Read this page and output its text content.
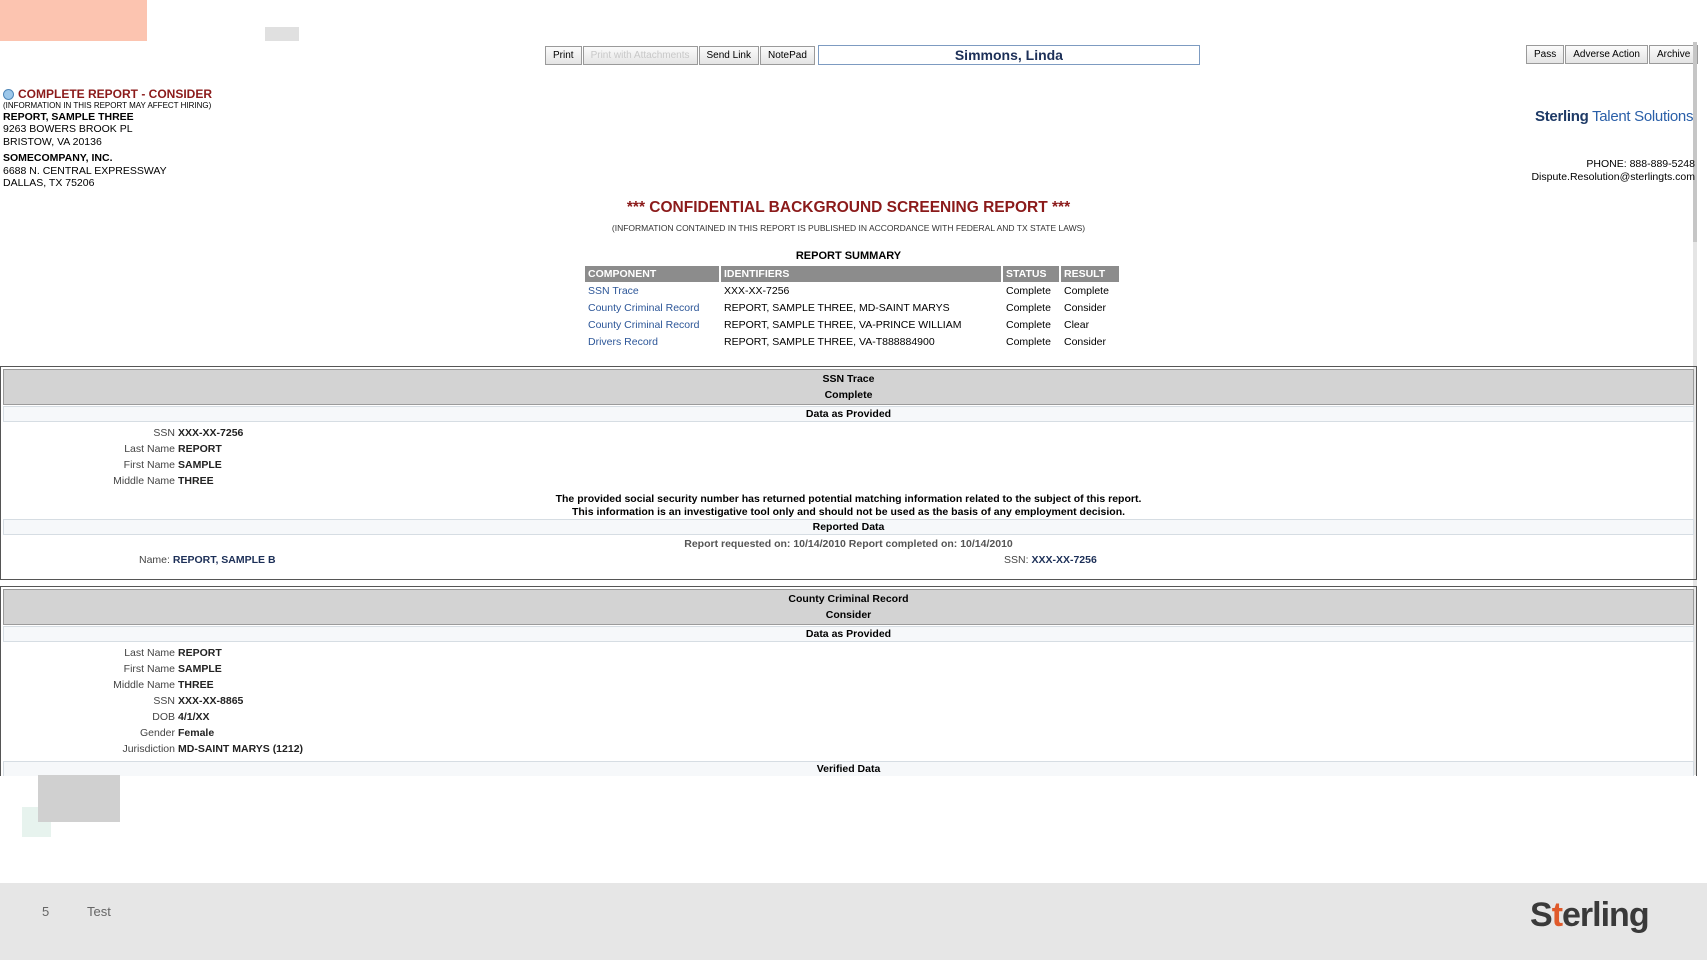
Print	Print with Attachments	Send Link	NotePad	Simmons, Linda	Pass	Adverse Action	Archive
COMPLETE REPORT - CONSIDER
(INFORMATION IN THIS REPORT MAY AFFECT HIRING)
REPORT, SAMPLE THREE
9263 BOWERS BROOK PL
BRISTOW, VA 20136
SOMECOMPANY, INC.
6688 N. CENTRAL EXPRESSWAY
DALLAS, TX 75206
Sterling Talent Solutions
PHONE: 888-889-5248
Dispute.Resolution@sterlingts.com
*** CONFIDENTIAL BACKGROUND SCREENING REPORT ***
(INFORMATION CONTAINED IN THIS REPORT IS PUBLISHED IN ACCORDANCE WITH FEDERAL AND TX STATE LAWS)
REPORT SUMMARY
COMPONENT	IDENTIFIERS	STATUS	RESULT
SSN Trace	XXX-XX-7256	Complete	Complete
County Criminal Record	REPORT, SAMPLE THREE, MD-SAINT MARYS	Complete	Consider
County Criminal Record	REPORT, SAMPLE THREE, VA-PRINCE WILLIAM	Complete	Clear
Drivers Record	REPORT, SAMPLE THREE, VA-T888884900	Complete	Consider
SSN Trace
Complete
Data as Provided
SSN XXX-XX-7256
Last Name REPORT
First Name SAMPLE
Middle Name THREE
The provided social security number has returned potential matching information related to the subject of this report.
This information is an investigative tool only and should not be used as the basis of any employment decision.
Reported Data
Report requested on: 10/14/2010 Report completed on: 10/14/2010
Name: REPORT, SAMPLE B	SSN: XXX-XX-7256
County Criminal Record
Consider
Data as Provided
Last Name REPORT
First Name SAMPLE
Middle Name THREE
SSN XXX-XX-8865
DOB 4/1/XX
Gender Female
Jurisdiction MD-SAINT MARYS (1212)
Verified Data
5	Test	Sterling
